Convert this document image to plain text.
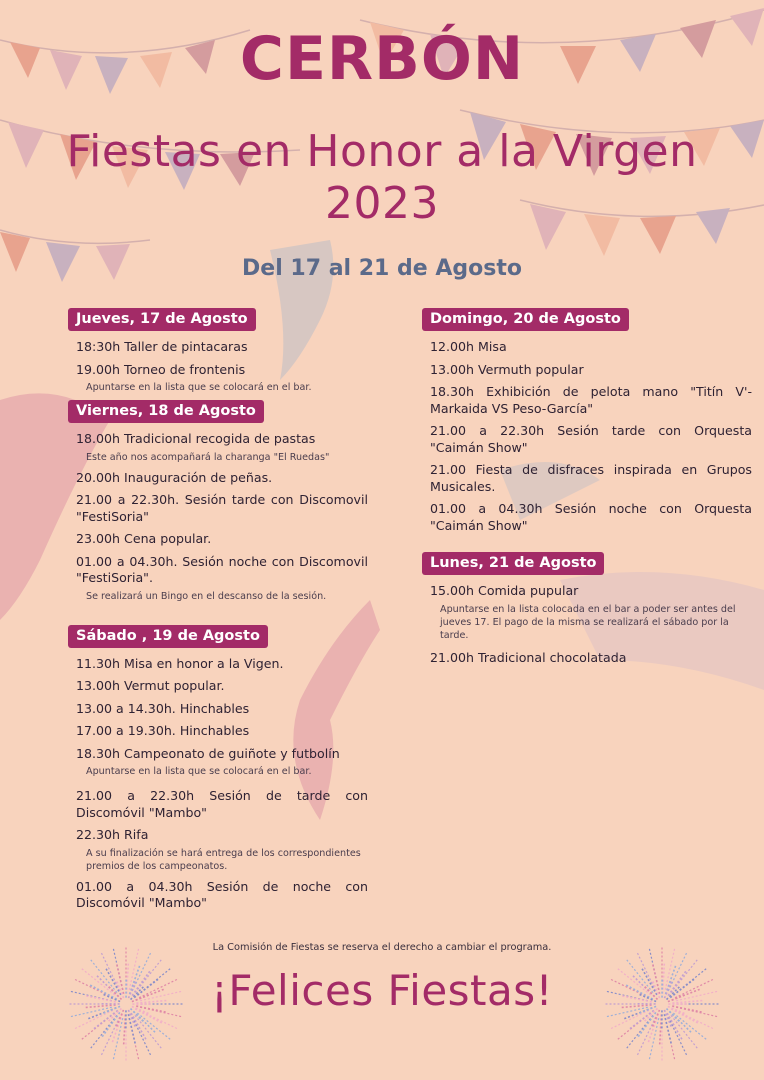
CERBÓN
Fiestas en Honor a la Virgen
2023
Del 17 al 21 de Agosto
Jueves, 17 de Agosto
18:30h Taller de pintacaras
19.00h Torneo de frontenis
Apuntarse en la lista que se colocará en el bar.
Viernes, 18 de Agosto
18.00h Tradicional recogida de pastas
Este año nos acompañará la charanga "El Ruedas"
20.00h Inauguración de peñas.
21.00 a 22.30h. Sesión tarde con Discomovil "FestiSoria"
23.00h Cena popular.
01.00 a 04.30h. Sesión noche con Discomovil "FestiSoria".
Se realizará un Bingo en el descanso de la sesión.
Sábado , 19 de Agosto
11.30h Misa en honor a la Vigen.
13.00h Vermut popular.
13.00 a 14.30h. Hinchables
17.00 a 19.30h. Hinchables
18.30h Campeonato de guiñote y futbolín
Apuntarse en la lista que se colocará en el bar.
21.00 a 22.30h Sesión de tarde con Discomóvil "Mambo"
22.30h Rifa
A su finalización se hará entrega de los correspondientes premios de los campeonatos.
01.00 a 04.30h Sesión de noche con Discomóvil "Mambo"
Domingo, 20 de Agosto
12.00h Misa
13.00h Vermuth popular
18.30h Exhibición de pelota mano "Titín V'-Markaida VS Peso-García"
21.00 a 22.30h Sesión tarde con Orquesta "Caimán Show"
21.00 Fiesta de disfraces inspirada en Grupos Musicales.
01.00 a 04.30h Sesión noche con Orquesta "Caimán Show"
Lunes, 21 de Agosto
15.00h Comida pupular
Apuntarse en la lista colocada en el bar a poder ser antes del jueves 17. El pago de la misma se realizará el sábado por la tarde.
21.00h Tradicional chocolatada
La Comisión de Fiestas se reserva el derecho a cambiar el programa.
¡Felices Fiestas!
